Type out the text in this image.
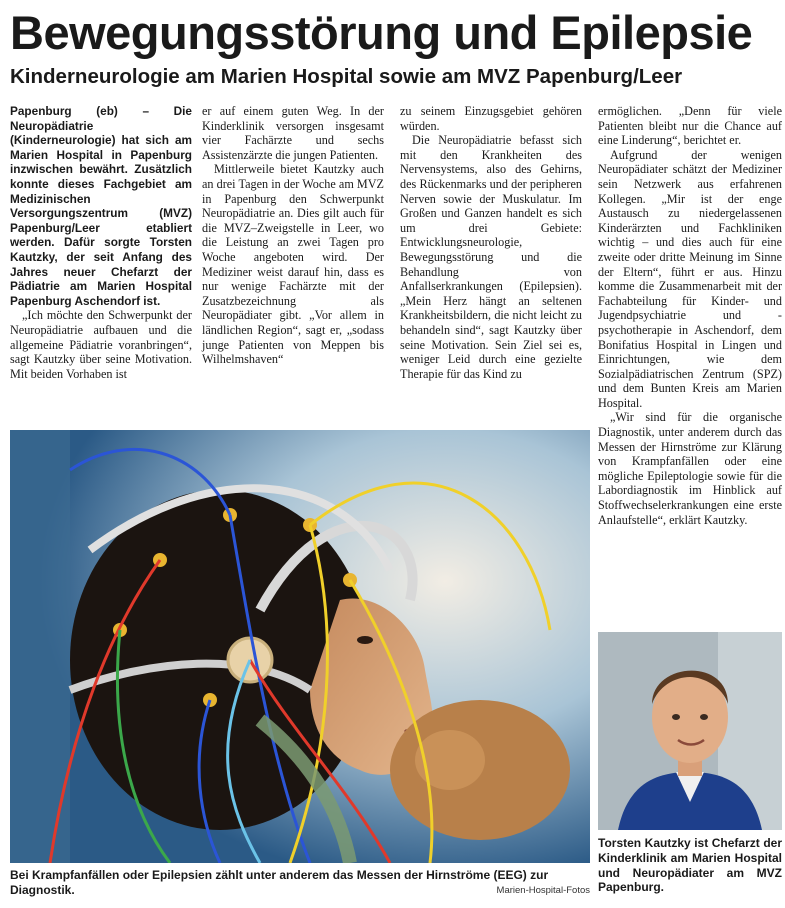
Bewegungsstörung und Epilepsie
Kinderneurologie am Marien Hospital sowie am MVZ Papenburg/Leer

Papenburg (eb) – Die Neuropädiatrie (Kinderneurologie) hat sich am Marien Hospital in Papenburg inzwischen bewährt. Zusätzlich konnte dieses Fachgebiet am Medizinischen Versorgungszentrum (MVZ) Papenburg/Leer etabliert werden. Dafür sorgte Torsten Kautzky, der seit Anfang des Jahres neuer Chefarzt der Pädiatrie am Marien Hospital Papenburg Aschendorf ist.

„Ich möchte den Schwerpunkt der Neuropädiatrie aufbauen und die allgemeine Pädiatrie voranbringen“, sagt Kautzky über seine Motivation. Mit beiden Vorhaben ist

er auf einem guten Weg. In der Kinderklinik versorgen insgesamt vier Fachärzte und sechs Assistenzärzte die jungen Patienten.

Mittlerweile bietet Kautzky auch an drei Tagen in der Woche am MVZ in Papenburg den Schwerpunkt Neuropädiatrie an. Dies gilt auch für die MVZ–Zweigstelle in Leer, wo die Leistung an zwei Tagen pro Woche angeboten wird. Der Mediziner weist darauf hin, dass es nur wenige Fachärzte mit der Zusatzbezeichnung als Neuropädiater gibt. „Vor allem in ländlichen Region“, sagt er, „sodass junge Patienten von Meppen bis Wilhelmshaven“

zu seinem Einzugsgebiet gehören würden.

Die Neuropädiatrie befasst sich mit den Krankheiten des Nervensystems, also des Gehirns, des Rückenmarks und der peripheren Nerven sowie der Muskulatur. Im Großen und Ganzen handelt es sich um drei Gebiete: Entwicklungsneurologie, Bewegungsstörung und die Behandlung von Anfallserkrankungen (Epilepsien). „Mein Herz hängt an seltenen Krankheitsbildern, die nicht leicht zu behandeln sind“, sagt Kautzky über seine Motivation. Sein Ziel sei es, weniger Leid durch eine gezielte Therapie für das Kind zu

ermöglichen. „Denn für viele Patienten bleibt nur die Chance auf eine Linderung“, berichtet er.

Aufgrund der wenigen Neuropädiater schätzt der Mediziner sein Netzwerk aus erfahrenen Kollegen. „Mir ist der enge Austausch zu niedergelassenen Kinderärzten und Fachkliniken wichtig – und dies auch für eine zweite oder dritte Meinung im Sinne der Eltern“, führt er aus. Hinzu komme die Zusammenarbeit mit der Fachabteilung für Kinder- und Jugendpsychiatrie und -psychotherapie in Aschendorf, dem Bonifatius Hospital in Lingen und Einrichtungen, wie dem Sozialpädiatrischen Zentrum (SPZ) und dem Bunten Kreis am Marien Hospital.

„Wir sind für die organische Diagnostik, unter anderem durch das Messen der Hirnströme zur Klärung von Krampfanfällen oder eine mögliche Epileptologie sowie für die Labordiagnostik im Hinblick auf Stoffwechselerkrankungen eine erste Anlaufstelle“, erklärt Kautzky.

Bei Krampfanfällen oder Epilepsien zählt unter anderem das Messen der Hirnströme (EEG) zur Diagnostik.	Marien-Hospital-Fotos
Torsten Kautzky ist Chefarzt der Kinderklinik am Marien Hospital und Neuropädiater am MVZ Papenburg.
